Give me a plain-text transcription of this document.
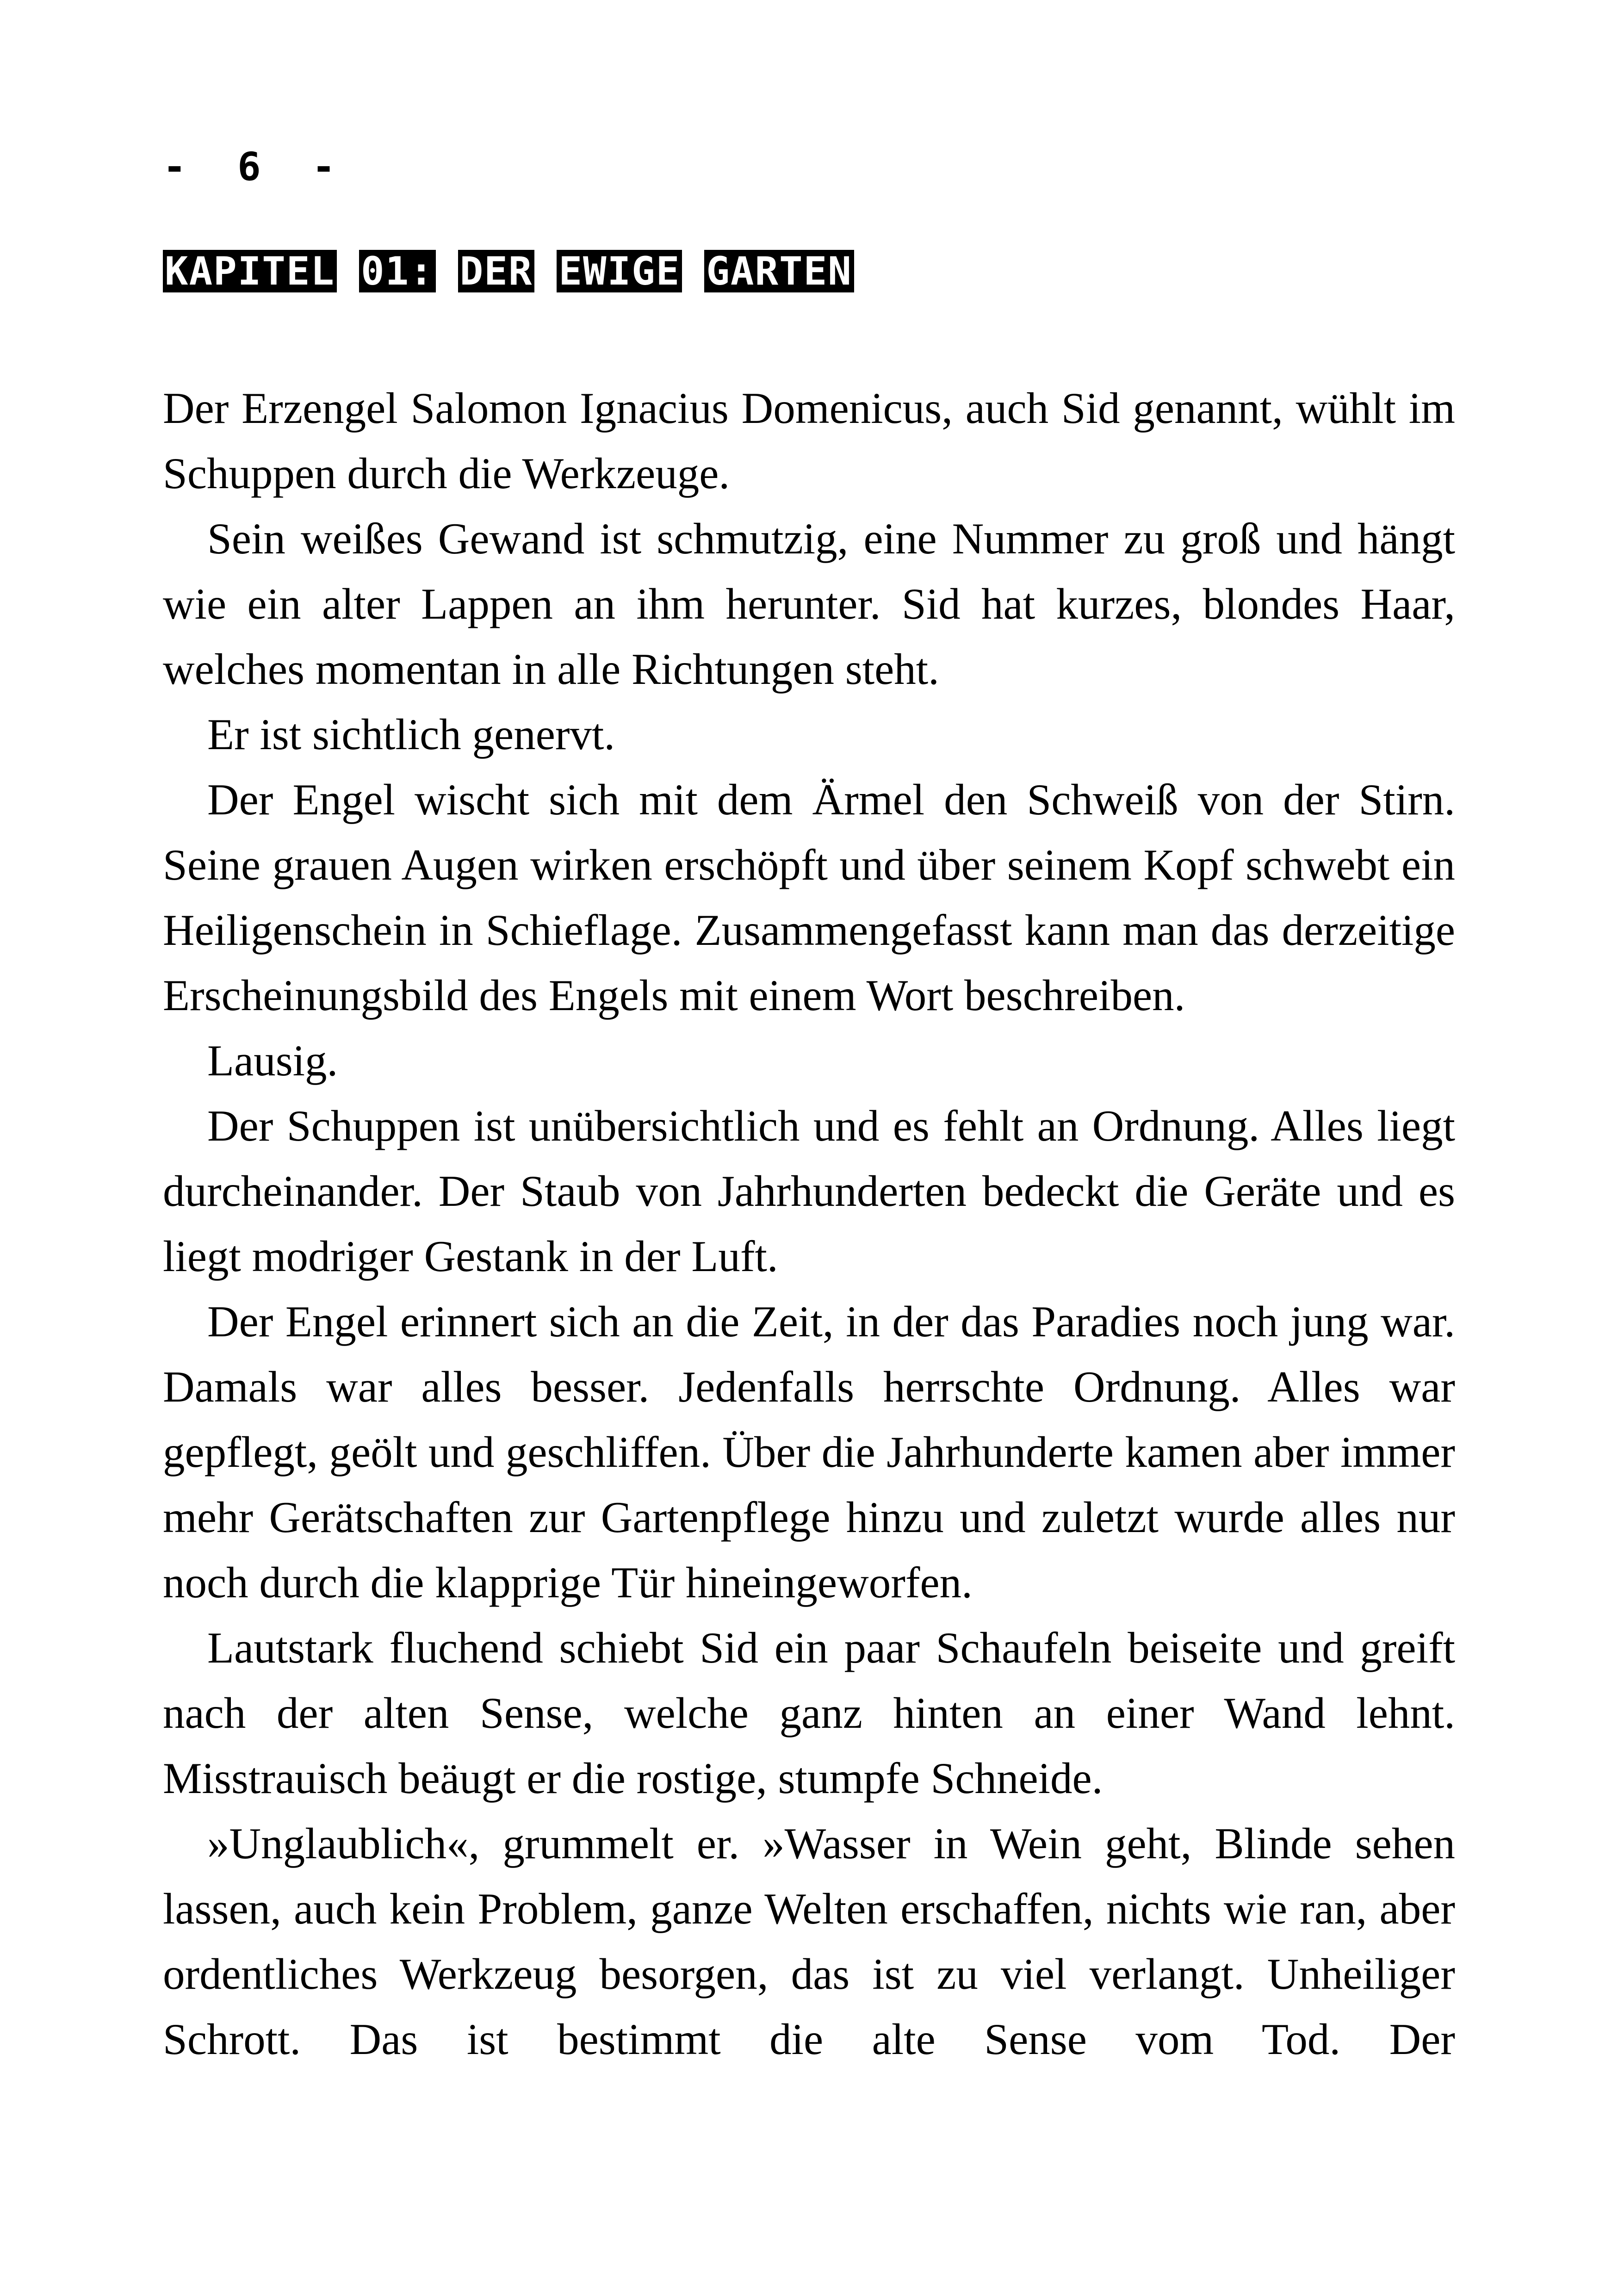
- 6 -
KAPITEL 01: DER EWIGE GARTEN

Der Erzengel Salomon Ignacius Domenicus, auch Sid genannt, wühlt im Schuppen durch die Werkzeuge.

Sein weißes Gewand ist schmutzig, eine Nummer zu groß und hängt wie ein alter Lappen an ihm herunter. Sid hat kurzes, blondes Haar, welches momentan in alle Richtungen steht.

Er ist sichtlich genervt.

Der Engel wischt sich mit dem Ärmel den Schweiß von der Stirn. Seine grauen Augen wirken erschöpft und über seinem Kopf schwebt ein Heiligenschein in Schieflage. Zusammengefasst kann man das derzeitige Erscheinungsbild des Engels mit einem Wort beschreiben.

Lausig.

Der Schuppen ist unübersichtlich und es fehlt an Ordnung. Alles liegt durcheinander. Der Staub von Jahrhunderten bedeckt die Geräte und es liegt modriger Gestank in der Luft.

Der Engel erinnert sich an die Zeit, in der das Paradies noch jung war. Damals war alles besser. Jedenfalls herrschte Ordnung. Alles war gepflegt, geölt und geschliffen. Über die Jahrhunderte kamen aber immer mehr Gerätschaften zur Gartenpflege hinzu und zuletzt wurde alles nur noch durch die klapprige Tür hineingeworfen.

Lautstark fluchend schiebt Sid ein paar Schaufeln beiseite und greift nach der alten Sense, welche ganz hinten an einer Wand lehnt. Misstrauisch beäugt er die rostige, stumpfe Schneide.

»Unglaublich«, grummelt er. »Wasser in Wein geht, Blinde sehen lassen, auch kein Problem, ganze Welten erschaffen, nichts wie ran, aber ordentliches Werkzeug besorgen, das ist zu viel verlangt. Unheiliger Schrott. Das ist bestimmt die alte Sense vom Tod. Der
